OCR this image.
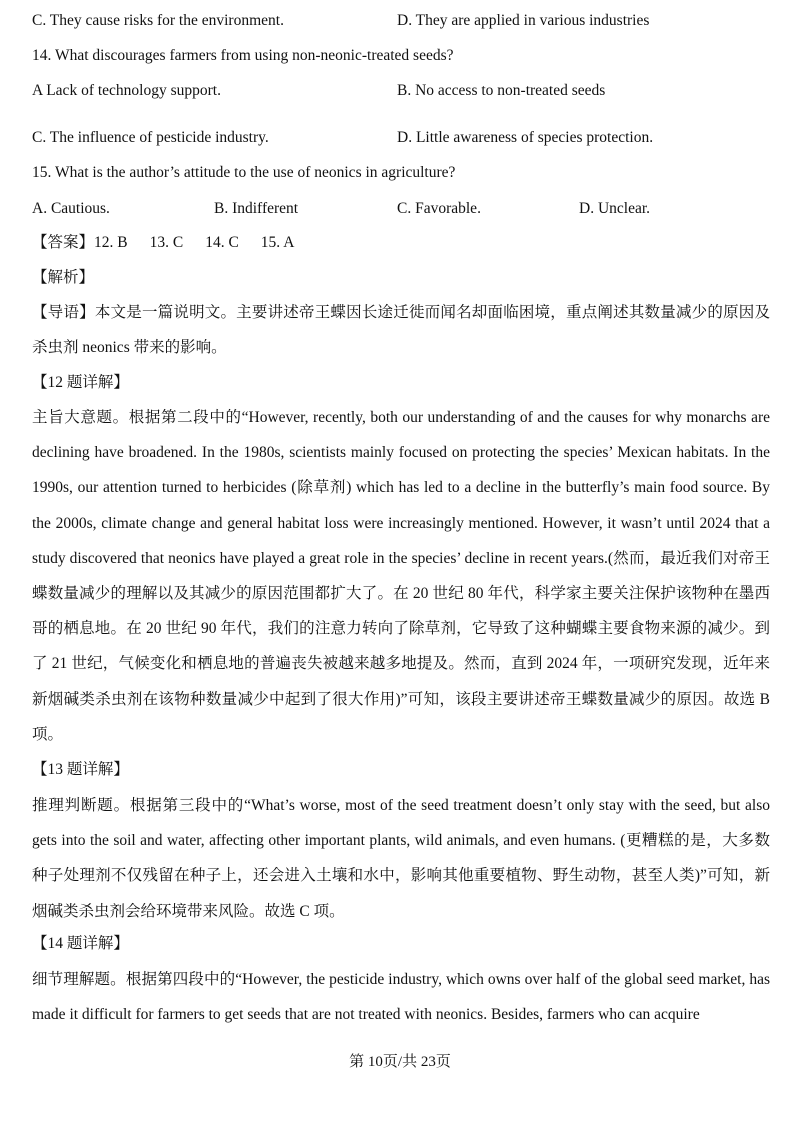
C. They cause risks for the environment.	D. They are applied in various industries
14. What discourages farmers from using non-neonic-treated seeds?
A Lack of technology support.	B. No access to non-treated seeds
C. The influence of pesticide industry.	D. Little awareness of species protection.
15. What is the author’s attitude to the use of neonics in agriculture?
A. Cautious.	B. Indifferent	C. Favorable.	D. Unclear.
【答案】12. B 13. C 14. C 15. A
【解析】
【导语】本文是一篇说明文。主要讲述帝王蝶因长途迁徙而闻名却面临困境，重点阐述其数量减少的原因及杀虫剂 neonics 带来的影响。
【12 题详解】
主旨大意题。根据第二段中的“However, recently, both our understanding of and the causes for why monarchs are declining have broadened. In the 1980s, scientists mainly focused on protecting the species’ Mexican habitats. In the 1990s, our attention turned to herbicides (除草剂) which has led to a decline in the butterfly’s main food source. By the 2000s, climate change and general habitat loss were increasingly mentioned. However, it wasn’t until 2024 that a study discovered that neonics have played a great role in the species’ decline in recent years.(然而，最近我们对帝王蝶数量减少的理解以及其减少的原因范围都扩大了。在 20 世纪 80 年代，科学家主要关注保护该物种在墨西哥的栖息地。在 20 世纪 90 年代，我们的注意力转向了除草剂，它导致了这种蝴蝶主要食物来源的减少。到了 21 世纪，气候变化和栖息地的普遍丧失被越来越多地提及。然而，直到 2024 年，一项研究发现，近年来新烟碱类杀虫剂在该物种数量减少中起到了很大作用)”可知，该段主要讲述帝王蝶数量减少的原因。故选 B 项。
【13 题详解】
推理判断题。根据第三段中的“What’s worse, most of the seed treatment doesn’t only stay with the seed, but also gets into the soil and water, affecting other important plants, wild animals, and even humans. (更糟糕的是，大多数种子处理剂不仅残留在种子上，还会进入土壤和水中，影响其他重要植物、野生动物，甚至人类)”可知，新烟碱类杀虫剂会给环境带来风险。故选 C 项。
【14 题详解】
细节理解题。根据第四段中的“However, the pesticide industry, which owns over half of the global seed market, has made it difficult for farmers to get seeds that are not treated with neonics. Besides, farmers who can acquire
第 10页/共 23页
